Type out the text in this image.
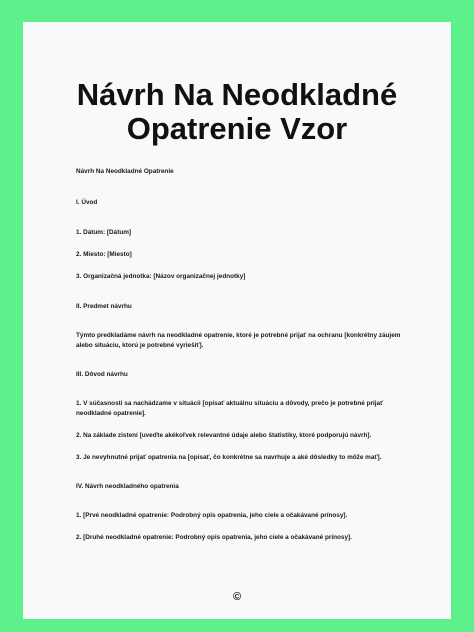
Návrh Na Neodkladné
Opatrenie Vzor
Návrh Na Neodkladné Opatrenie
I. Úvod
1. Dátum: [Dátum]
2. Miesto: [Miesto]
3. Organizačná jednotka: [Názov organizačnej jednotky]
II. Predmet návrhu
Týmto predkladáme návrh na neodkladné opatrenie, ktoré je potrebné prijať na ochranu [konkrétny záujem
alebo situáciu, ktorú je potrebné vyriešiť].
III. Dôvod návrhu
1. V súčasnosti sa nachádzame v situácii [opísať aktuálnu situáciu a dôvody, prečo je potrebné prijať
neodkladné opatrenie].
2. Na základe zistení [uveďte akékoľvek relevantné údaje alebo štatistiky, ktoré podporujú návrh].
3. Je nevyhnutné prijať opatrenia na [opísať, čo konkrétne sa navrhuje a aké dôsledky to môže mať].
IV. Návrh neodkladného opatrenia
1. [Prvé neodkladné opatrenie: Podrobný opis opatrenia, jeho ciele a očakávané prínosy].
2. [Druhé neodkladné opatrenie: Podrobný opis opatrenia, jeho ciele a očakávané prínosy].
©
